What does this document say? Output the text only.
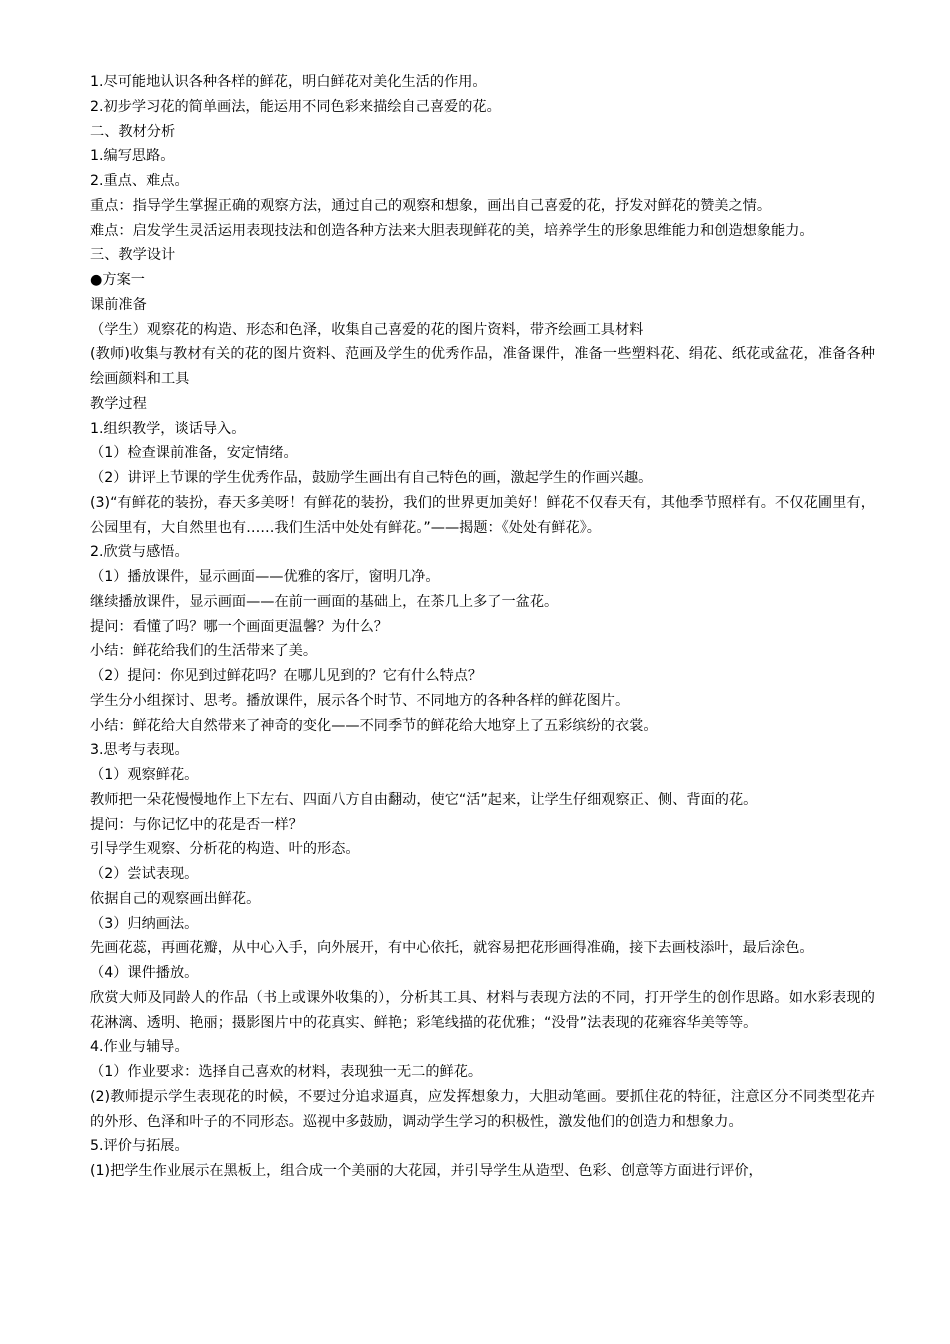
1.尽可能地认识各种各样的鲜花，明白鲜花对美化生活的作用。

2.初步学习花的简单画法，能运用不同色彩来描绘自己喜爱的花。

二、教材分析

1.编写思路。

2.重点、难点。

重点：指导学生掌握正确的观察方法，通过自己的观察和想象，画出自己喜爱的花，抒发对鲜花的赞美之情。

难点：启发学生灵活运用表现技法和创造各种方法来大胆表现鲜花的美，培养学生的形象思维能力和创造想象能力。

三、教学设计

●方案一

课前准备

（学生）观察花的构造、形态和色泽，收集自己喜爱的花的图片资料，带齐绘画工具材料

(教师)收集与教材有关的花的图片资料、范画及学生的优秀作品，准备课件，准备一些塑料花、绢花、纸花或盆花，准备各种绘画颜料和工具

教学过程

1.组织教学，谈话导入。

（1）检查课前准备，安定情绪。

（2）讲评上节课的学生优秀作品，鼓励学生画出有自己特色的画，激起学生的作画兴趣。

(3)“有鲜花的装扮，春天多美呀！有鲜花的装扮，我们的世界更加美好！鲜花不仅春天有，其他季节照样有。不仅花圃里有，公园里有，大自然里也有……我们生活中处处有鲜花。”——揭题：《处处有鲜花》。

2.欣赏与感悟。

（1）播放课件，显示画面——优雅的客厅，窗明几净。

继续播放课件，显示画面——在前一画面的基础上，在茶几上多了一盆花。

提问：看懂了吗？哪一个画面更温馨？为什么？

小结：鲜花给我们的生活带来了美。

（2）提问：你见到过鲜花吗？在哪儿见到的？它有什么特点？

学生分小组探讨、思考。播放课件，展示各个时节、不同地方的各种各样的鲜花图片。

小结：鲜花给大自然带来了神奇的变化——不同季节的鲜花给大地穿上了五彩缤纷的衣裳。

3.思考与表现。

（1）观察鲜花。

教师把一朵花慢慢地作上下左右、四面八方自由翻动，使它“活”起来，让学生仔细观察正、侧、背面的花。

提问：与你记忆中的花是否一样？

引导学生观察、分析花的构造、叶的形态。

（2）尝试表现。

依据自己的观察画出鲜花。

（3）归纳画法。

先画花蕊，再画花瓣，从中心入手，向外展开，有中心依托，就容易把花形画得准确，接下去画枝添叶，最后涂色。

（4）课件播放。

欣赏大师及同龄人的作品（书上或课外收集的），分析其工具、材料与表现方法的不同，打开学生的创作思路。如水彩表现的花淋漓、透明、艳丽；摄影图片中的花真实、鲜艳；彩笔线描的花优雅；“没骨”法表现的花雍容华美等等。

4.作业与辅导。

（1）作业要求：选择自己喜欢的材料，表现独一无二的鲜花。

(2)教师提示学生表现花的时候，不要过分追求逼真，应发挥想象力，大胆动笔画。要抓住花的特征，注意区分不同类型花卉的外形、色泽和叶子的不同形态。巡视中多鼓励，调动学生学习的积极性，激发他们的创造力和想象力。

5.评价与拓展。

(1)把学生作业展示在黑板上，组合成一个美丽的大花园，并引导学生从造型、色彩、创意等方面进行评价，
